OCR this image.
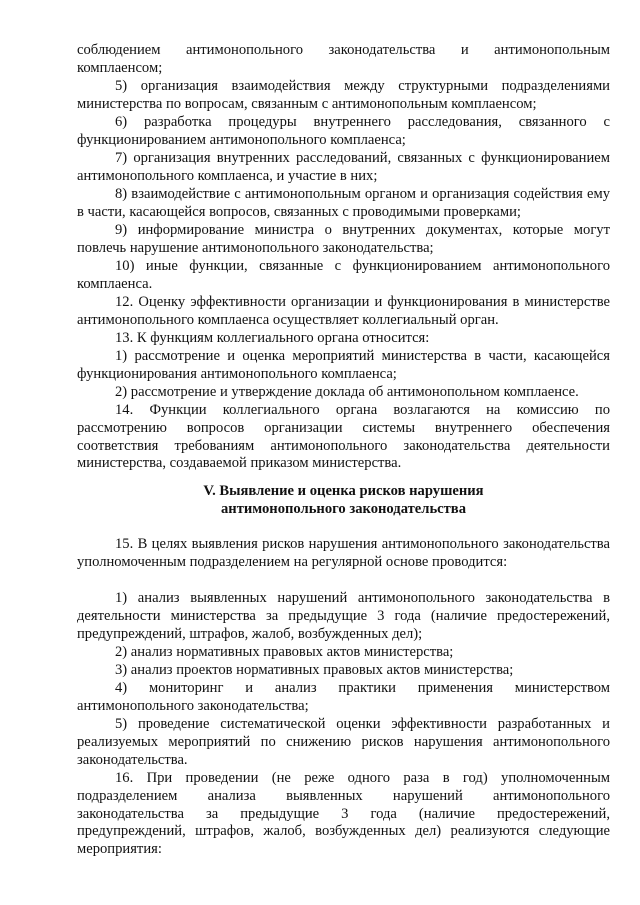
соблюдением антимонопольного законодательства и антимонопольным комплаенсом;

5) организация взаимодействия между структурными подразделениями министерства по вопросам, связанным с антимонопольным комплаенсом;

6) разработка процедуры внутреннего расследования, связанного с функционированием антимонопольного комплаенса;

7) организация внутренних расследований, связанных с функционированием антимонопольного комплаенса, и участие в них;

8) взаимодействие с антимонопольным органом и организация содействия ему в части, касающейся вопросов, связанных с проводимыми проверками;

9) информирование министра о внутренних документах, которые могут повлечь нарушение антимонопольного законодательства;

10) иные функции, связанные с функционированием антимонопольного комплаенса.

12. Оценку эффективности организации и функционирования в министерстве антимонопольного комплаенса осуществляет коллегиальный орган.

13. К функциям коллегиального органа относится:

1) рассмотрение и оценка мероприятий министерства в части, касающейся функционирования антимонопольного комплаенса;

2) рассмотрение и утверждение доклада об антимонопольном комплаенсе.

14. Функции коллегиального органа возлагаются на комиссию по рассмотрению вопросов организации системы внутреннего обеспечения соответствия требованиям антимонопольного законодательства деятельности министерства, создаваемой приказом министерства.

V. Выявление и оценка рисков нарушения

антимонопольного законодательства

15. В целях выявления рисков нарушения антимонопольного законодательства уполномоченным подразделением на регулярной основе проводится:

1) анализ выявленных нарушений антимонопольного законодательства в деятельности министерства за предыдущие 3 года (наличие предостережений, предупреждений, штрафов, жалоб, возбужденных дел);

2) анализ нормативных правовых актов министерства;

3) анализ проектов нормативных правовых актов министерства;

4) мониторинг и анализ практики применения министерством антимонопольного законодательства;

5) проведение систематической оценки эффективности разработанных и реализуемых мероприятий по снижению рисков нарушения антимонопольного законодательства.

16. При проведении (не реже одного раза в год) уполномоченным подразделением анализа выявленных нарушений антимонопольного законодательства за предыдущие 3 года (наличие предостережений, предупреждений, штрафов, жалоб, возбужденных дел) реализуются следующие мероприятия:
